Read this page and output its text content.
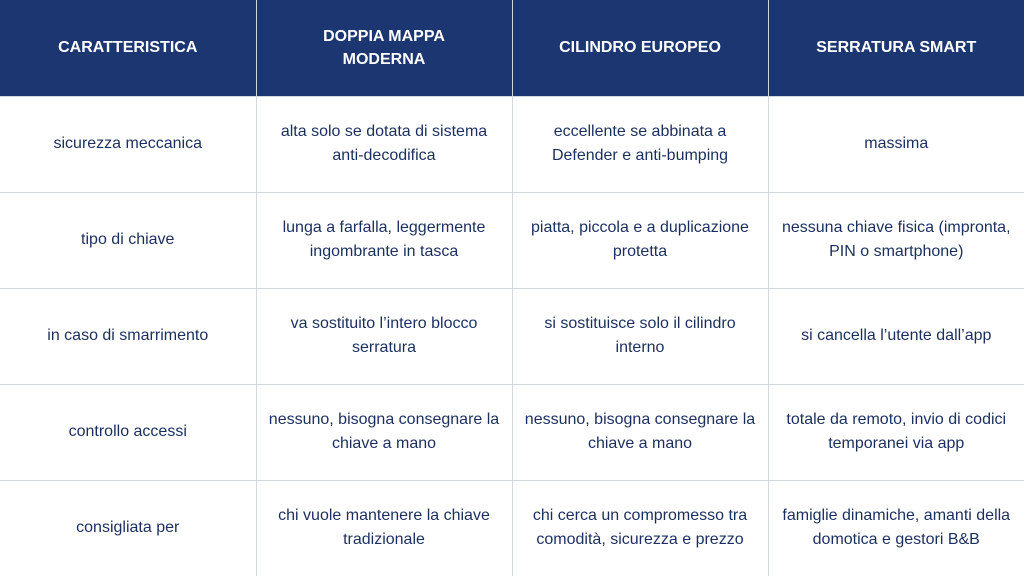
CARATTERISTICA	DOPPIA MAPPA MODERNA	CILINDRO EUROPEO	SERRATURA SMART
sicurezza meccanica	alta solo se dotata di sistema anti-decodifica	eccellente se abbinata a Defender e anti-bumping	massima
tipo di chiave	lunga a farfalla, leggermente ingombrante in tasca	piatta, piccola e a duplicazione protetta	nessuna chiave fisica (impronta, PIN o smartphone)
in caso di smarrimento	va sostituito l’intero blocco serratura	si sostituisce solo il cilindro interno	si cancella l’utente dall’app
controllo accessi	nessuno, bisogna consegnare la chiave a mano	nessuno, bisogna consegnare la chiave a mano	totale da remoto, invio di codici temporanei via app
consigliata per	chi vuole mantenere la chiave tradizionale	chi cerca un compromesso tra comodità, sicurezza e prezzo	famiglie dinamiche, amanti della domotica e gestori B&B
